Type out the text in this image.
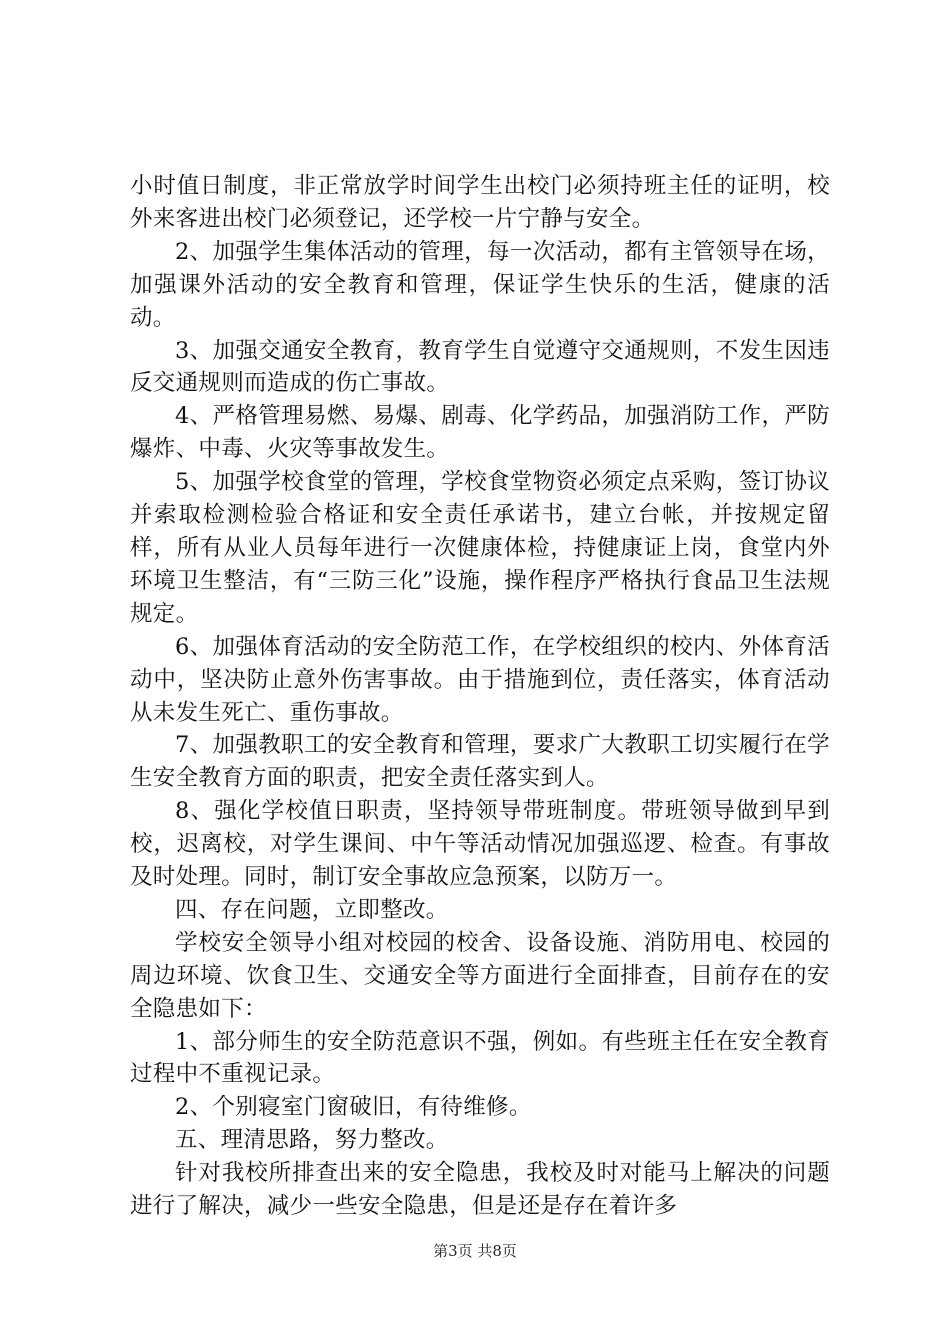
小时值日制度，非正常放学时间学生出校门必须持班主任的证明，校外来客进出校门必须登记，还学校一片宁静与安全。

2、加强学生集体活动的管理，每一次活动，都有主管领导在场，加强课外活动的安全教育和管理，保证学生快乐的生活，健康的活动。

3、加强交通安全教育，教育学生自觉遵守交通规则，不发生因违反交通规则而造成的伤亡事故。

4、严格管理易燃、易爆、剧毒、化学药品，加强消防工作，严防爆炸、中毒、火灾等事故发生。

5、加强学校食堂的管理，学校食堂物资必须定点采购，签订协议并索取检测检验合格证和安全责任承诺书，建立台帐，并按规定留样，所有从业人员每年进行一次健康体检，持健康证上岗，食堂内外环境卫生整洁，有“三防三化”设施，操作程序严格执行食品卫生法规规定。

6、加强体育活动的安全防范工作，在学校组织的校内、外体育活动中，坚决防止意外伤害事故。由于措施到位，责任落实，体育活动从未发生死亡、重伤事故。

7、加强教职工的安全教育和管理，要求广大教职工切实履行在学生安全教育方面的职责，把安全责任落实到人。

8、强化学校值日职责，坚持领导带班制度。带班领导做到早到校，迟离校，对学生课间、中午等活动情况加强巡逻、检查。有事故及时处理。同时，制订安全事故应急预案，以防万一。

四、存在问题，立即整改。

学校安全领导小组对校园的校舍、设备设施、消防用电、校园的周边环境、饮食卫生、交通安全等方面进行全面排查，目前存在的安全隐患如下：

1、部分师生的安全防范意识不强，例如。有些班主任在安全教育过程中不重视记录。

2、个别寝室门窗破旧，有待维修。

五、理清思路，努力整改。

针对我校所排查出来的安全隐患，我校及时对能马上解决的问题进行了解决，减少一些安全隐患，但是还是存在着许多

第3页 共8页
